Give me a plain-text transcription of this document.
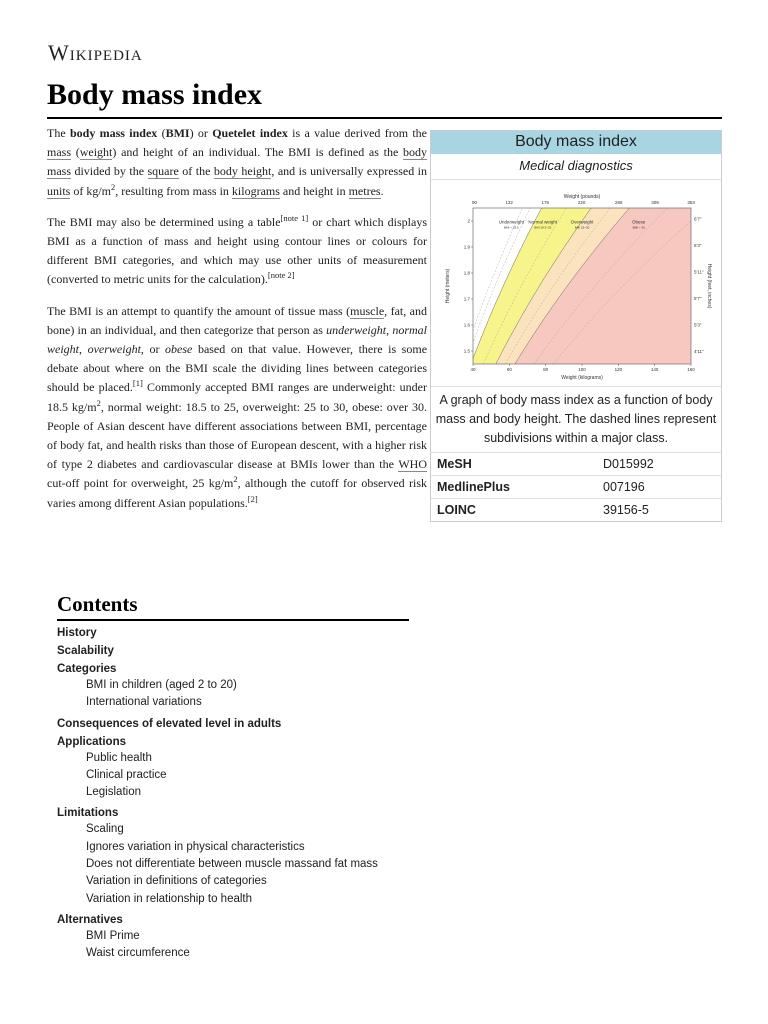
Wikipedia
Body mass index

The body mass index (BMI) or Quetelet index is a value derived from the mass (weight) and height of an individual. The BMI is defined as the body mass divided by the square of the body height, and is universally expressed in units of $kg/m^2$, resulting from mass in kilograms and height in metres.

The BMI may also be determined using a table[note 1] or chart which displays BMI as a function of mass and height using contour lines or colours for different BMI categories, and which may use other units of measurement (converted to metric units for the calculation).[note 2]

The BMI is an attempt to quantify the amount of tissue mass (muscle, fat, and bone) in an individual, and then categorize that person as underweight, normal weight, overweight, or obese based on that value. However, there is some debate about where on the BMI scale the dividing lines between categories should be placed.[1] Commonly accepted BMI ranges are underweight: under 18.5 $kg/m^2$, normal weight: 18.5 to 25, overweight: 25 to 30, obese: over 30. People of Asian descent have different associations between BMI, percentage of body fat, and health risks than those of European descent, with a higher risk of type 2 diabetes and cardiovascular disease at BMIs lower than the WHO cut-off point for overweight, 25 $kg/m^2$, although the cutoff for observed risk varies among different Asian populations.[2]

Body mass index
Medical diagnostics
Underweight
BMI < 18.5
Normal weight
BMI 18.5–25
Overweight
BMI 25–30
Obese
BMI > 30
40	60	80	100	120	140	160
90	132	176	220	265	309	353
1.5
1.6
1.7
1.8
1.9
2	6'7"
6'3"
5'11"
5'7"
5'3"
4'11"
Weight (kilograms)
Weight (pounds)
Height (meters)	Height (feet, inches)
A graph of body mass index as a function of body mass and body height. The dashed lines represent subdivisions within a major class.
MeSH	D015992
MedlinePlus	007196
LOINC	39156-5
Contents
History
Scalability
Categories
BMI in children (aged 2 to 20)
International variations
Consequences of elevated level in adults
Applications
Public health
Clinical practice
Legislation
Limitations
Scaling
Ignores variation in physical characteristics
Does not differentiate between muscle massand fat mass
Variation in definitions of categories
Variation in relationship to health
Alternatives
BMI Prime
Waist circumference
